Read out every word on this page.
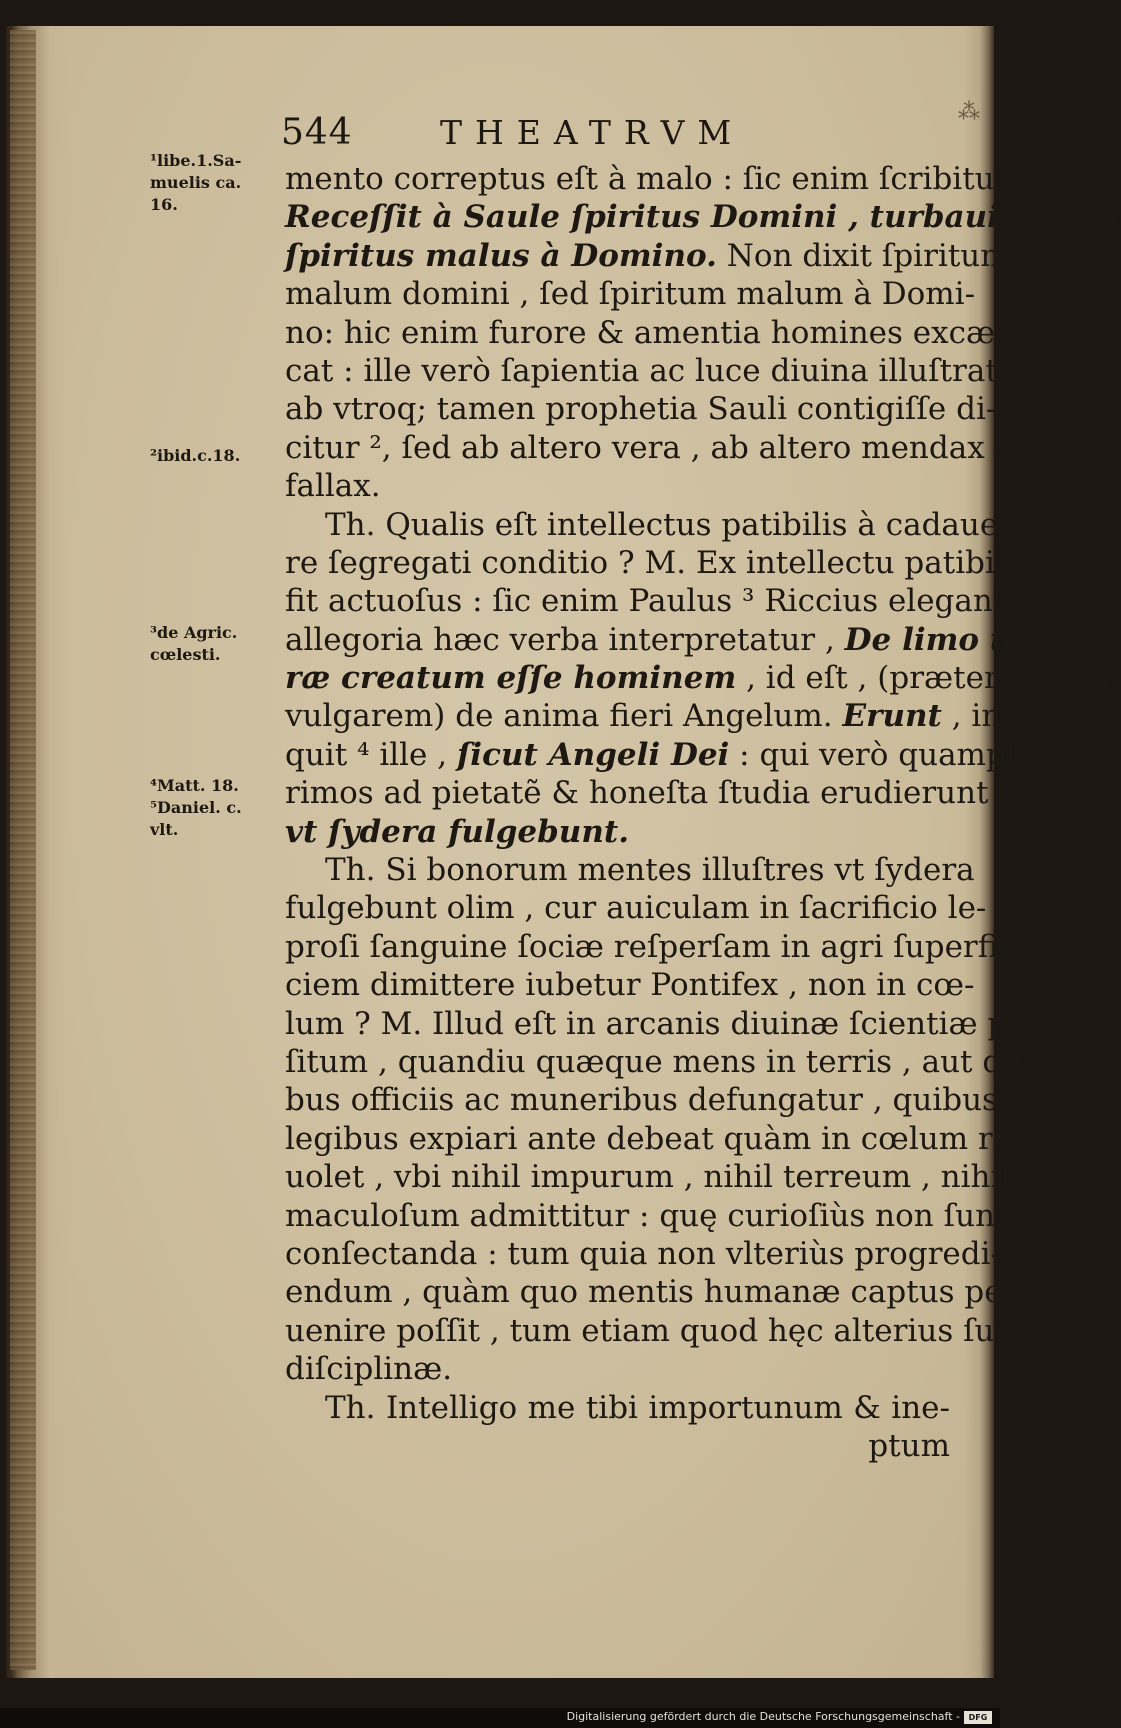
544	THEATRVM
⁂
¹libe.1.Sa-
muelis ca.
16.
²ibid.c.18.
³de Agric.
cœlesti.
⁴Matt. 18.
⁵Daniel. c.
vlt.
mento correptus eſt à malo : ſic enim ſcribitur ¹
Receſſit à Saule ſpiritus Domini , turbauitq́ eum
ſpiritus malus à Domino. Non dixit ſpiritum
malum domini , ſed ſpiritum malum à Domi-
no: hic enim furore & amentia homines excæ-
cat : ille verò ſapientia ac luce diuina illuſtrat :
ab vtroq; tamen prophetia Sauli contigiſſe di-
citur ², ſed ab altero vera , ab altero mendax &
fallax.
Th. Qualis eſt intellectus patibilis à cadaue-
re ſegregati conditio ? M. Ex intellectu patibili
fit actuoſus : ſic enim Paulus ³ Riccius eleganti
allegoria hæc verba interpretatur , De limo ter-
ræ creatum eſſe hominem , id eſt , (præter ſenſum
vulgarem) de anima fieri Angelum. Erunt , in-
quit ⁴ ille , ſicut Angeli Dei : qui verò quamplu-
rimos ad pietatẽ & honeſta ſtudia erudierunt ⁵ ,
vt ſydera fulgebunt.
Th. Si bonorum mentes illuſtres vt ſydera
fulgebunt olim , cur auiculam in ſacrificio le-
proſi ſanguine ſociæ reſperſam in agri ſuperfi-
ciem dimittere iubetur Pontifex , non in cœ-
lum ? M. Illud eſt in arcanis diuinæ ſcientiæ po-
ſitum , quandiu quæque mens in terris , aut qui-
bus officiis ac muneribus defungatur , quibus
legibus expiari ante debeat quàm in cœlum re-
uolet , vbi nihil impurum , nihil terreum , nihil
maculoſum admittitur : quę curioſiùs non ſunt
conſectanda : tum quia non vlteriùs progredi-
endum , quàm quo mentis humanæ captus per-
uenire poſſit , tum etiam quod hęc alterius ſunt
diſciplinæ.
Th. Intelligo me tibi importunum & ine-
ptum
Digitalisierung gefördert durch die Deutsche Forschungsgemeinschaft -	DFG
